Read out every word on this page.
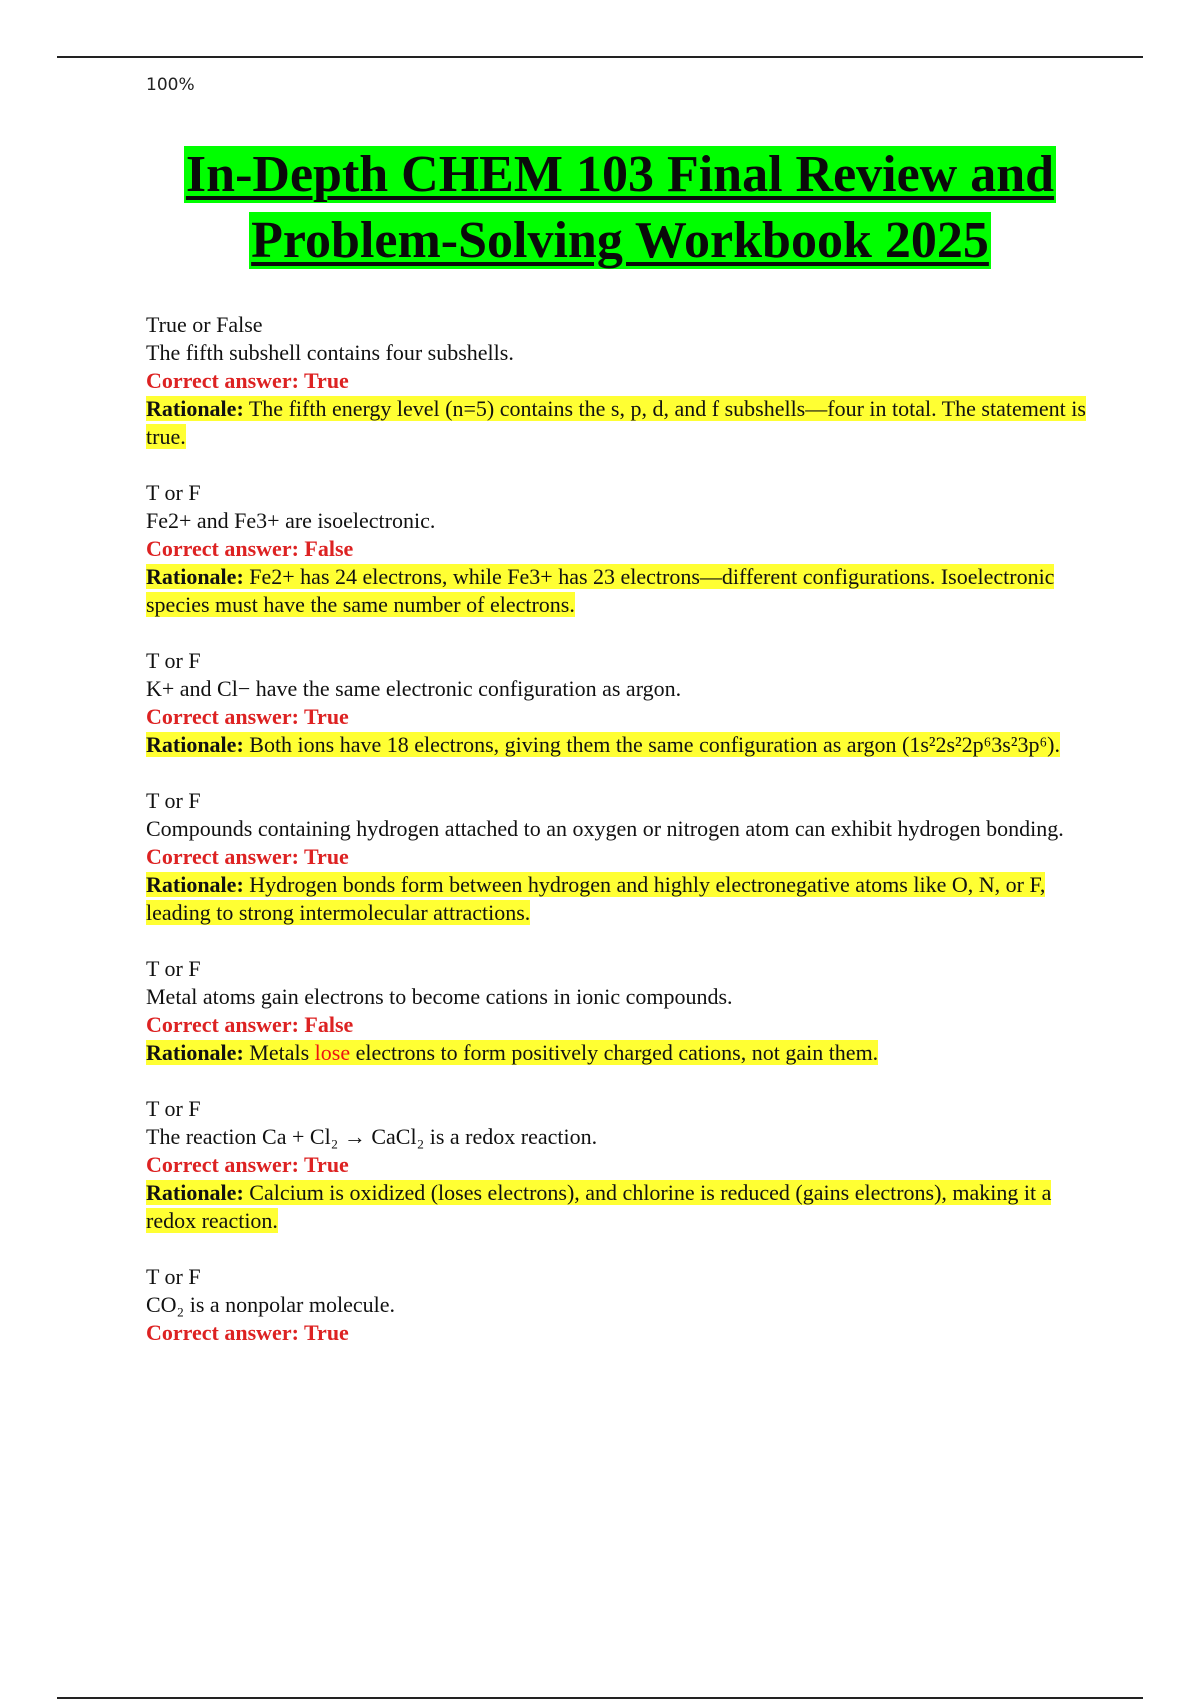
100%
In-Depth CHEM 103 Final Review and
Problem-Solving Workbook 2025

True or False

The fifth subshell contains four subshells.

Correct answer: True

Rationale: The fifth energy level (n=5) contains the s, p, d, and f subshells—four in total. The statement is true.

T or F

Fe2+ and Fe3+ are isoelectronic.

Correct answer: False

Rationale: Fe2+ has 24 electrons, while Fe3+ has 23 electrons—different configurations. Isoelectronic species must have the same number of electrons.

T or F

K+ and Cl− have the same electronic configuration as argon.

Correct answer: True

Rationale: Both ions have 18 electrons, giving them the same configuration as argon (1s²2s²2p⁶3s²3p⁶).

T or F

Compounds containing hydrogen attached to an oxygen or nitrogen atom can exhibit hydrogen bonding.

Correct answer: True

Rationale: Hydrogen bonds form between hydrogen and highly electronegative atoms like O, N, or F, leading to strong intermolecular attractions.

T or F

Metal atoms gain electrons to become cations in ionic compounds.

Correct answer: False

Rationale: Metals lose electrons to form positively charged cations, not gain them.

T or F

The reaction Ca + Cl₂ → CaCl₂ is a redox reaction.

Correct answer: True

Rationale: Calcium is oxidized (loses electrons), and chlorine is reduced (gains electrons), making it a redox reaction.

T or F

CO₂ is a nonpolar molecule.

Correct answer: True
